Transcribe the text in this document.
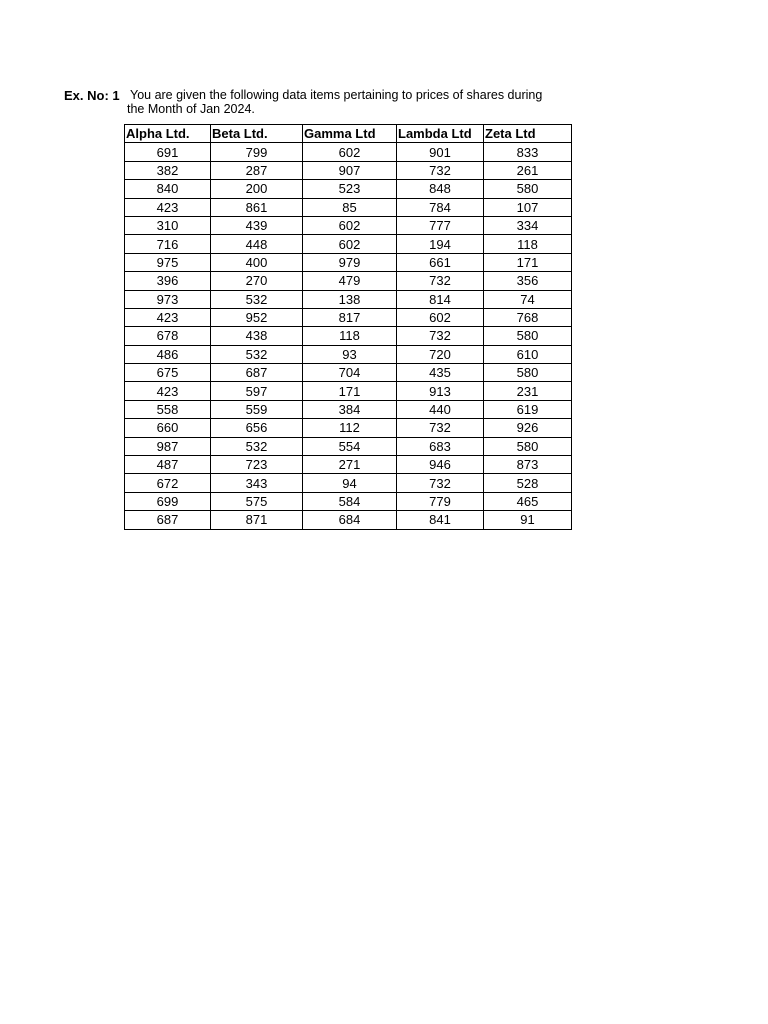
Ex. No: 1 You are given the following data items pertaining to prices of shares during
the Month of Jan 2024.
Alpha Ltd.	Beta Ltd.	Gamma Ltd	Lambda Ltd	Zeta Ltd
691	799	602	901	833
382	287	907	732	261
840	200	523	848	580
423	861	85	784	107
310	439	602	777	334
716	448	602	194	118
975	400	979	661	171
396	270	479	732	356
973	532	138	814	74
423	952	817	602	768
678	438	118	732	580
486	532	93	720	610
675	687	704	435	580
423	597	171	913	231
558	559	384	440	619
660	656	112	732	926
987	532	554	683	580
487	723	271	946	873
672	343	94	732	528
699	575	584	779	465
687	871	684	841	91
